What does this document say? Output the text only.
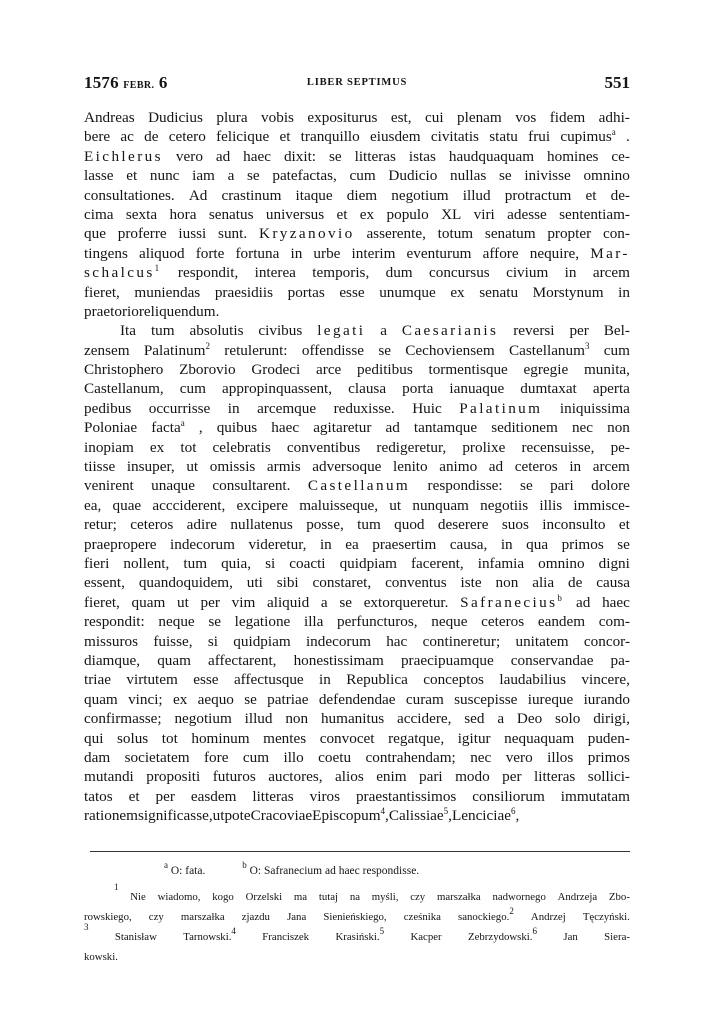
1576 FEBR. 6	LIBER SEPTIMUS	551
Andreas Dudicius plura vobis expositurus est, cui plenam vos fidem adhi-
bere ac de cetero felicique et tranquillo eiusdem civitatis statu frui cupimus$^a$ .
Eichlerus vero ad haec dixit: se litteras istas haudquaquam homines ce-
lasse et nunc iam a se patefactas, cum Dudicio nullas se inivisse omnino
consultationes. Ad crastinum itaque diem negotium illud protractum et de-
cima sexta hora senatus universus et ex populo XL viri adesse sententiam-
que proferre iussi sunt. Kryzanovio asserente, totum senatum propter con-
tingens aliquod forte fortuna in urbe interim eventurum affore nequire, Mar-
schalcus$^1$ respondit, interea temporis, dum concursus civium in arcem
fieret, muniendas praesidiis portas esse unumque ex senatu Morstynum in
praetorio reliquendum.
Ita tum absolutis civibus legati a Caesarianis reversi per Bel-
zensem Palatinum$^2$ retulerunt: offendisse se Cechoviensem Castellanum$^3$ cum
Christophero Zborovio Grodeci arce peditibus tormentisque egregie munita,
Castellanum, cum appropinquassent, clausa porta ianuaque dumtaxat aperta
pedibus occurrisse in arcemque reduxisse. Huic Palatinum iniquissima
Poloniae facta$^a$ , quibus haec agitaretur ad tantamque seditionem nec non
inopiam ex tot celebratis conventibus redigeretur, prolixe recensuisse, pe-
tiisse insuper, ut omissis armis adversoque lenito animo ad ceteros in arcem
venirent unaque consultarent. Castellanum respondisse: se pari dolore
ea, quae accciderent, excipere maluisseque, ut nunquam negotiis illis immisce-
retur; ceteros adire nullatenus posse, tum quod deserere suos inconsulto et
praepropere indecorum videretur, in ea praesertim causa, in qua primos se
fieri nollent, tum quia, si coacti quidpiam facerent, infamia omnino digni
essent, quandoquidem, uti sibi constaret, conventus iste non alia de causa
fieret, quam ut per vim aliquid a se extorqueretur. Safranecius$^b$ ad haec
respondit: neque se legatione illa perfuncturos, neque ceteros eandem com-
missuros fuisse, si quidpiam indecorum hac contineretur; unitatem concor-
diamque, quam affectarent, honestissimam praecipuamque conservandae pa-
triae virtutem esse affectusque in Republica conceptos laudabilius vincere,
quam vinci; ex aequo se patriae defendendae curam suscepisse iureque iurando
confirmasse; negotium illud non humanitus accidere, sed a Deo solo dirigi,
qui solus tot hominum mentes convocet regatque, igitur nequaquam puden-
dam societatem fore cum illo coetu contrahendam; nec vero illos primos
mutandi propositi futuros auctores, alios enim pari modo per litteras sollici-
tatos et per easdem litteras viros praestantissimos consiliorum immutatam
rationem significasse, utpote Cracoviae Episcopum$^4$ , Calissiae$^5$ , Lenciciae$^6$ ,
$^a$ O: fata.	$^b$ O: Safranecium ad haec respondisse.
1
Nie wiadomo, kogo Orzelski ma tutaj na myśli, czy marszałka nadwornego Andrzeja Zbo-
rowskiego, czy marszałka zjazdu Jana Sienieńskiego, cześnika sanockiego.$^2$ Andrzej Tęczyński.
3
Stanisław Tarnowski.$^4$ Franciszek Krasiński.$^5$ Kacper Zebrzydowski.$^6$ Jan Siera-
kowski.
